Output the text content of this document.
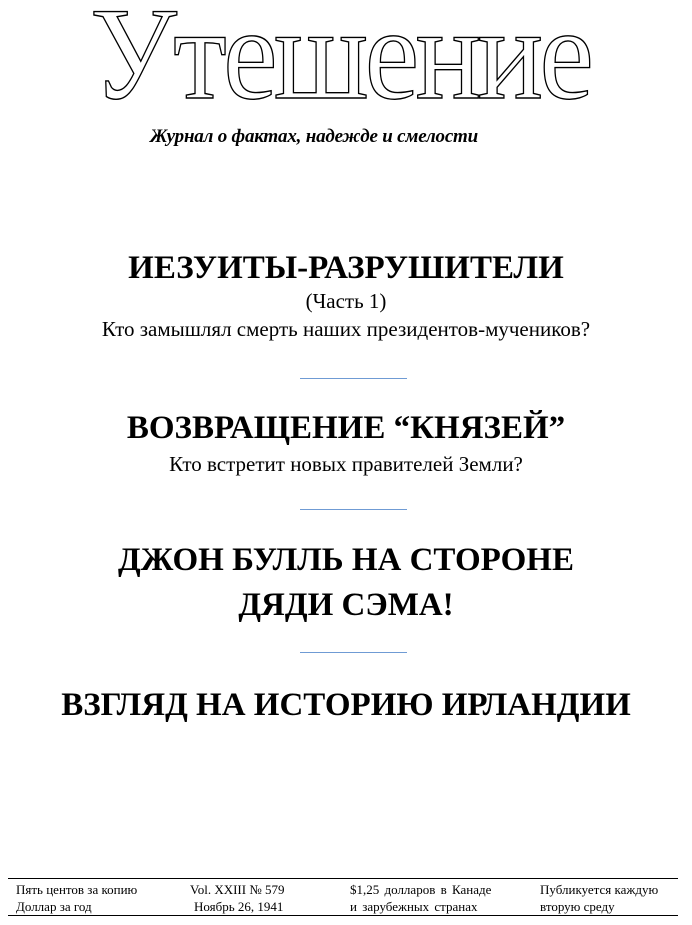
Утешение
Журнал о фактах, надежде и смелости
ИЕЗУИТЫ-РАЗРУШИТЕЛИ
(Часть 1)
Кто замышлял смерть наших президентов-мучеников?
ВОЗВРАЩЕНИЕ “КНЯЗЕЙ”
Кто встретит новых правителей Земли?
ДЖОН БУЛЛЬ НА СТОРОНЕ
ДЯДИ СЭМА!
ВЗГЛЯД НА ИСТОРИЮ ИРЛАНДИИ
Пять центов за копию
Доллар за год
Vol. XXIII № 579
Ноябрь 26, 1941
$1,25 долларов в Канаде
и зарубежных странах
Публикуется каждую
вторую среду
